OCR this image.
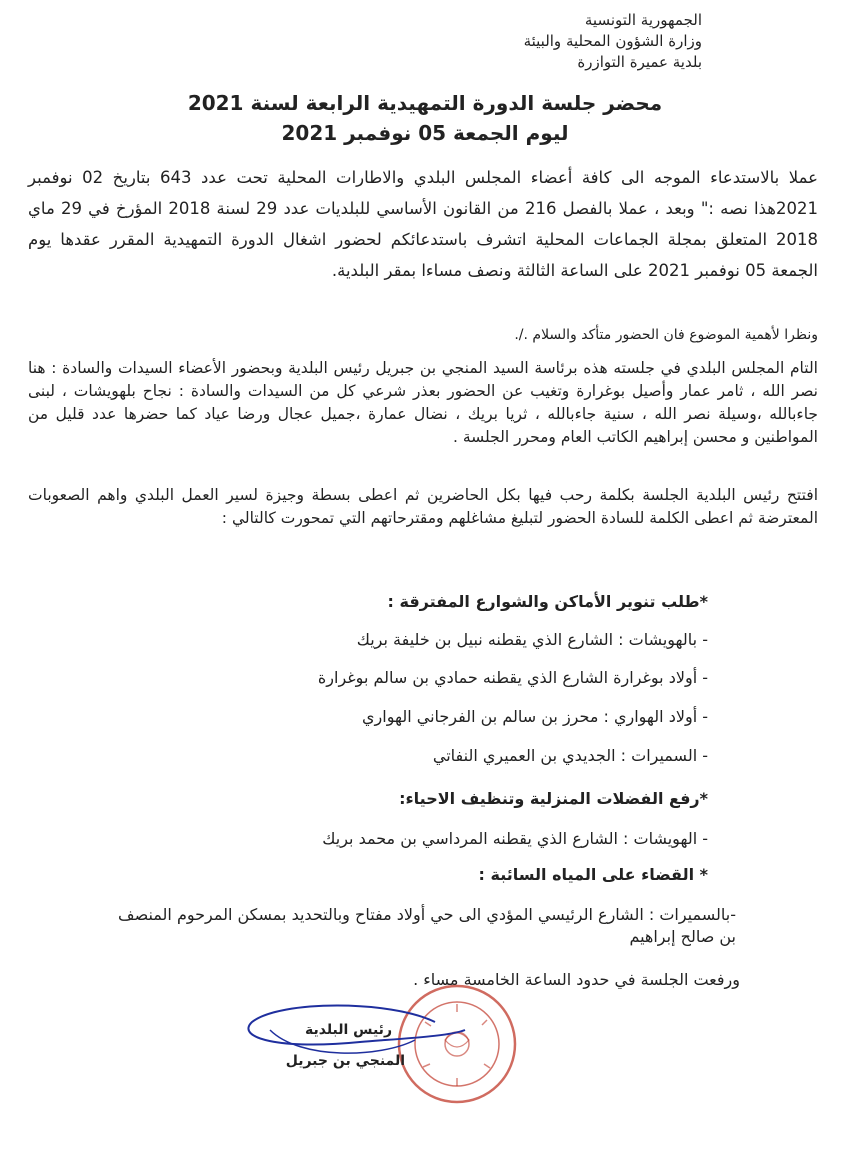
الجمهورية التونسية
وزارة الشؤون المحلية والبيئة
بلدية عميرة التوازرة
محضر جلسة الدورة التمهيدية الرابعة لسنة 2021
ليوم الجمعة 05 نوفمبر 2021
عملا بالاستدعاء الموجه الى كافة أعضاء المجلس البلدي والاطارات المحلية تحت عدد 643 بتاريخ 02 نوفمبر 2021هذا نصه :" وبعد ، عملا بالفصل 216 من القانون الأساسي للبلديات عدد 29 لسنة 2018 المؤرخ في 29 ماي 2018 المتعلق بمجلة الجماعات المحلية اتشرف باستدعائكم لحضور اشغال الدورة التمهيدية المقرر عقدها يوم الجمعة 05 نوفمبر 2021 على الساعة الثالثة ونصف مساءا بمقر البلدية.
ونظرا لأهمية الموضوع فان الحضور متأكد والسلام ./.
التام المجلس البلدي في جلسته هذه برئاسة السيد المنجي بن جبريل رئيس البلدية وبحضور الأعضاء السيدات والسادة : هنا نصر الله ، ثامر عمار وأصيل بوغرارة وتغيب عن الحضور بعذر شرعي كل من السيدات والسادة : نجاح بلهويشات ، لبنى جاءبالله ،وسيلة نصر الله ، سنية جاءبالله ، ثريا بريك ، نضال عمارة ،جميل عجال ورضا عياد كما حضرها عدد قليل من المواطنين و محسن إبراهيم الكاتب العام ومحرر الجلسة .
افتتح رئيس البلدية الجلسة بكلمة رحب فيها بكل الحاضرين ثم اعطى بسطة وجيزة لسير العمل البلدي واهم الصعوبات المعترضة ثم اعطى الكلمة للسادة الحضور لتبليغ مشاغلهم ومقترحاتهم التي تمحورت كالتالي :
*طلب تنوير الأماكن والشوارع المفترقة :
- بالهويشات : الشارع الذي يقطنه نبيل بن خليفة بريك
- أولاد بوغرارة الشارع الذي يقطنه حمادي بن سالم بوغرارة
- أولاد الهواري : محرز بن سالم بن الفرجاني الهواري
- السميرات : الجديدي بن العميري النفاتي
*رفع الفضلات المنزلية وتنظيف الاحياء:
- الهويشات : الشارع الذي يقطنه المرداسي بن محمد بريك
* القضاء على المياه السائبة :
-بالسميرات : الشارع الرئيسي المؤدي الى حي أولاد مفتاح وبالتحديد بمسكن المرحوم المنصف
بن صالح إبراهيم
ورفعت الجلسة في حدود الساعة الخامسة مساء .
رئيس البلدية
المنجي بن جبريل
